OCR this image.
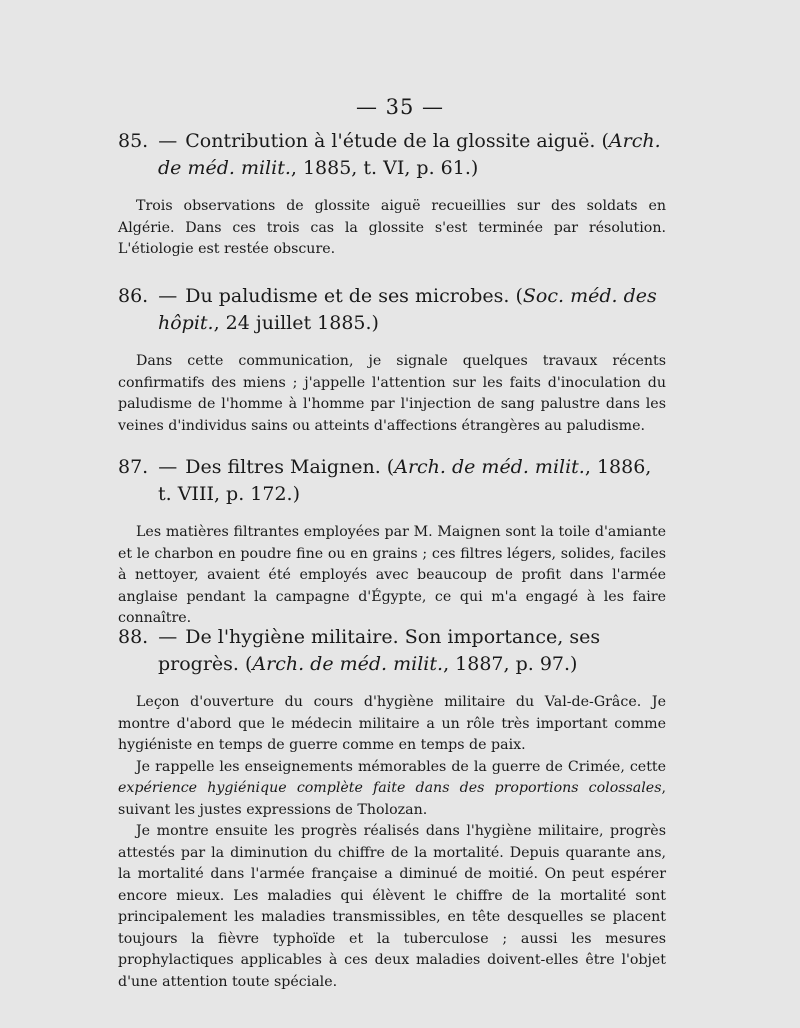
— 35 —

85. — Contribution à l'étude de la glossite aiguë. (Arch. de méd. milit., 1885, t. VI, p. 61.)

Trois observations de glossite aiguë recueillies sur des soldats en Algérie. Dans ces trois cas la glossite s'est terminée par résolution. L'étiologie est restée obscure.

86. — Du paludisme et de ses microbes. (Soc. méd. des hôpit., 24 juillet 1885.)

Dans cette communication, je signale quelques travaux récents confirmatifs des miens ; j'appelle l'attention sur les faits d'inoculation du paludisme de l'homme à l'homme par l'injection de sang palustre dans les veines d'individus sains ou atteints d'affections étrangères au paludisme.

87. — Des filtres Maignen. (Arch. de méd. milit., 1886, t. VIII, p. 172.)

Les matières filtrantes employées par M. Maignen sont la toile d'amiante et le charbon en poudre fine ou en grains ; ces filtres légers, solides, faciles à nettoyer, avaient été employés avec beaucoup de profit dans l'armée anglaise pendant la campagne d'Égypte, ce qui m'a engagé à les faire connaître.

88. — De l'hygiène militaire. Son importance, ses progrès. (Arch. de méd. milit., 1887, p. 97.)

Leçon d'ouverture du cours d'hygiène militaire du Val-de-Grâce. Je montre d'abord que le médecin militaire a un rôle très important comme hygiéniste en temps de guerre comme en temps de paix.

Je rappelle les enseignements mémorables de la guerre de Crimée, cette expérience hygiénique complète faite dans des proportions colossales, suivant les justes expressions de Tholozan.

Je montre ensuite les progrès réalisés dans l'hygiène militaire, progrès attestés par la diminution du chiffre de la mortalité. Depuis quarante ans, la mortalité dans l'armée française a diminué de moitié. On peut espérer encore mieux. Les maladies qui élèvent le chiffre de la mortalité sont principalement les maladies transmissibles, en tête desquelles se placent toujours la fièvre typhoïde et la tuberculose ; aussi les mesures prophylactiques applicables à ces deux maladies doivent-elles être l'objet d'une attention toute spéciale.
